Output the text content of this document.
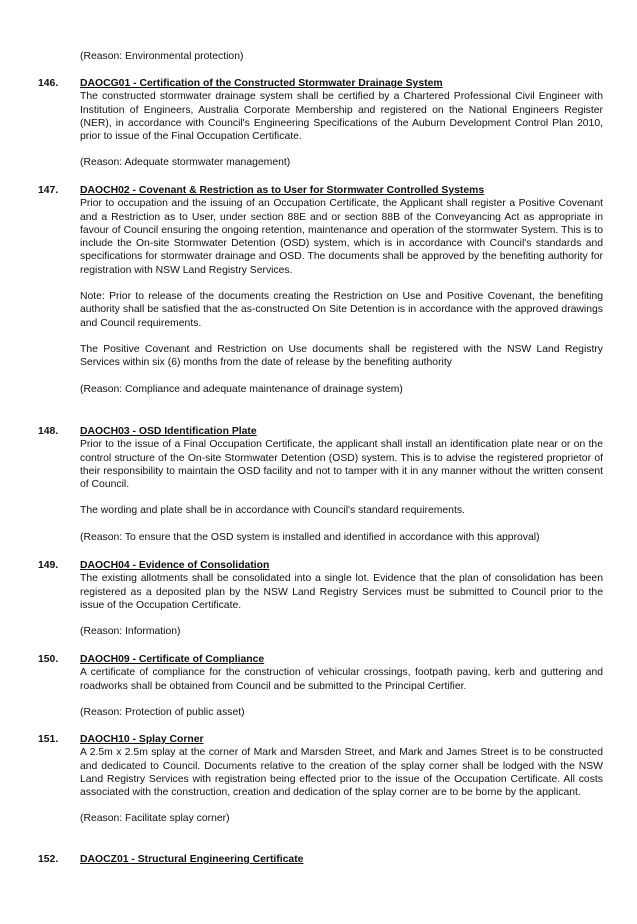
(Reason: Environmental protection)
146. DAOCG01 - Certification of the Constructed Stormwater Drainage System

The constructed stormwater drainage system shall be certified by a Chartered Professional Civil Engineer with Institution of Engineers, Australia Corporate Membership and registered on the National Engineers Register (NER), in accordance with Council's Engineering Specifications of the Auburn Development Control Plan 2010, prior to issue of the Final Occupation Certificate.

(Reason: Adequate stormwater management)

147. DAOCH02 - Covenant & Restriction as to User for Stormwater Controlled Systems

Prior to occupation and the issuing of an Occupation Certificate, the Applicant shall register a Positive Covenant and a Restriction as to User, under section 88E and or section 88B of the Conveyancing Act as appropriate in favour of Council ensuring the ongoing retention, maintenance and operation of the stormwater System. This is to include the On-site Stormwater Detention (OSD) system, which is in accordance with Council's standards and specifications for stormwater drainage and OSD. The documents shall be approved by the benefiting authority for registration with NSW Land Registry Services.

Note: Prior to release of the documents creating the Restriction on Use and Positive Covenant, the benefiting authority shall be satisfied that the as-constructed On Site Detention is in accordance with the approved drawings and Council requirements.

The Positive Covenant and Restriction on Use documents shall be registered with the NSW Land Registry Services within six (6) months from the date of release by the benefiting authority

(Reason: Compliance and adequate maintenance of drainage system)

148. DAOCH03 - OSD Identification Plate

Prior to the issue of a Final Occupation Certificate, the applicant shall install an identification plate near or on the control structure of the On-site Stormwater Detention (OSD) system. This is to advise the registered proprietor of their responsibility to maintain the OSD facility and not to tamper with it in any manner without the written consent of Council.

The wording and plate shall be in accordance with Council's standard requirements.

(Reason: To ensure that the OSD system is installed and identified in accordance with this approval)

149. DAOCH04 - Evidence of Consolidation

The existing allotments shall be consolidated into a single lot. Evidence that the plan of consolidation has been registered as a deposited plan by the NSW Land Registry Services must be submitted to Council prior to the issue of the Occupation Certificate.

(Reason: Information)

150. DAOCH09 - Certificate of Compliance

A certificate of compliance for the construction of vehicular crossings, footpath paving, kerb and guttering and roadworks shall be obtained from Council and be submitted to the Principal Certifier.

(Reason: Protection of public asset)

151. DAOCH10 - Splay Corner

A 2.5m x 2.5m splay at the corner of Mark and Marsden Street, and Mark and James Street is to be constructed and dedicated to Council. Documents relative to the creation of the splay corner shall be lodged with the NSW Land Registry Services with registration being effected prior to the issue of the Occupation Certificate. All costs associated with the construction, creation and dedication of the splay corner are to be borne by the applicant.

(Reason: Facilitate splay corner)

152. DAOCZ01 - Structural Engineering Certificate
